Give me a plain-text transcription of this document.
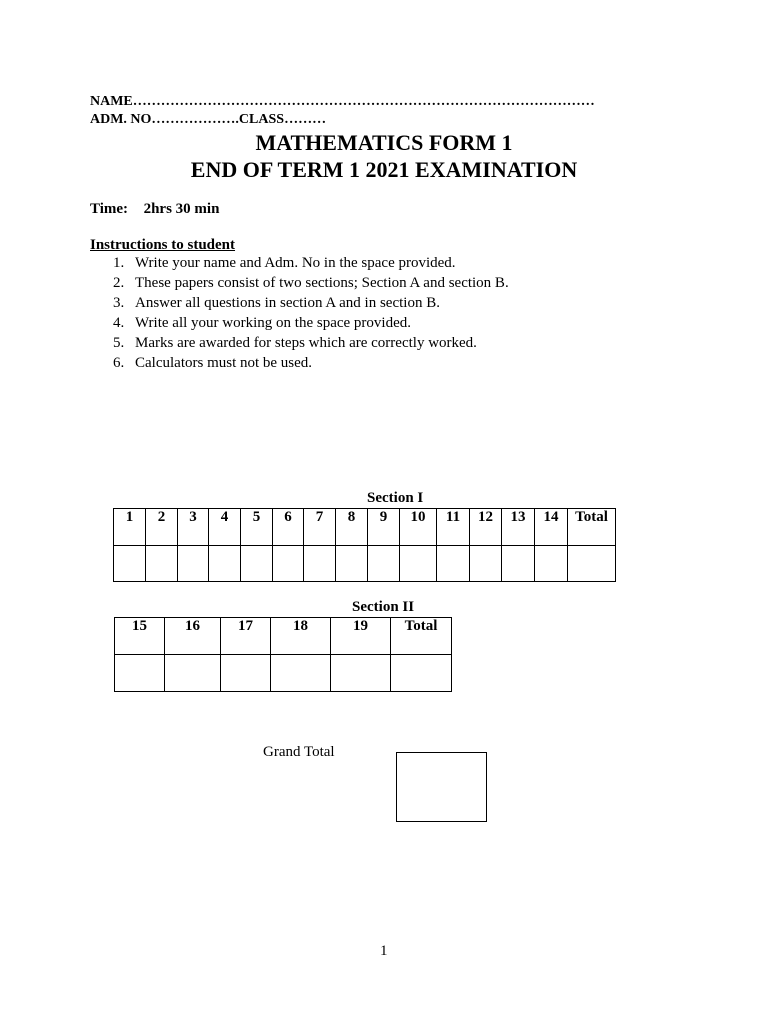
NAME………………………………………………………………………………………
ADM. NO……………….CLASS………
MATHEMATICS FORM 1
END OF TERM 1 2021 EXAMINATION
Time: 2hrs 30 min
Instructions to student
1. Write your name and Adm. No in the space provided.
2. These papers consist of two sections; Section A and section B.
3. Answer all questions in section A and in section B.
4. Write all your working on the space provided.
5. Marks are awarded for steps which are correctly worked.
6. Calculators must not be used.
Section I
1	2	3	4	5	6	7	8	9	10	11	12	13	14	Total

Section II
15	16	17	18	19	Total

Grand Total
1
